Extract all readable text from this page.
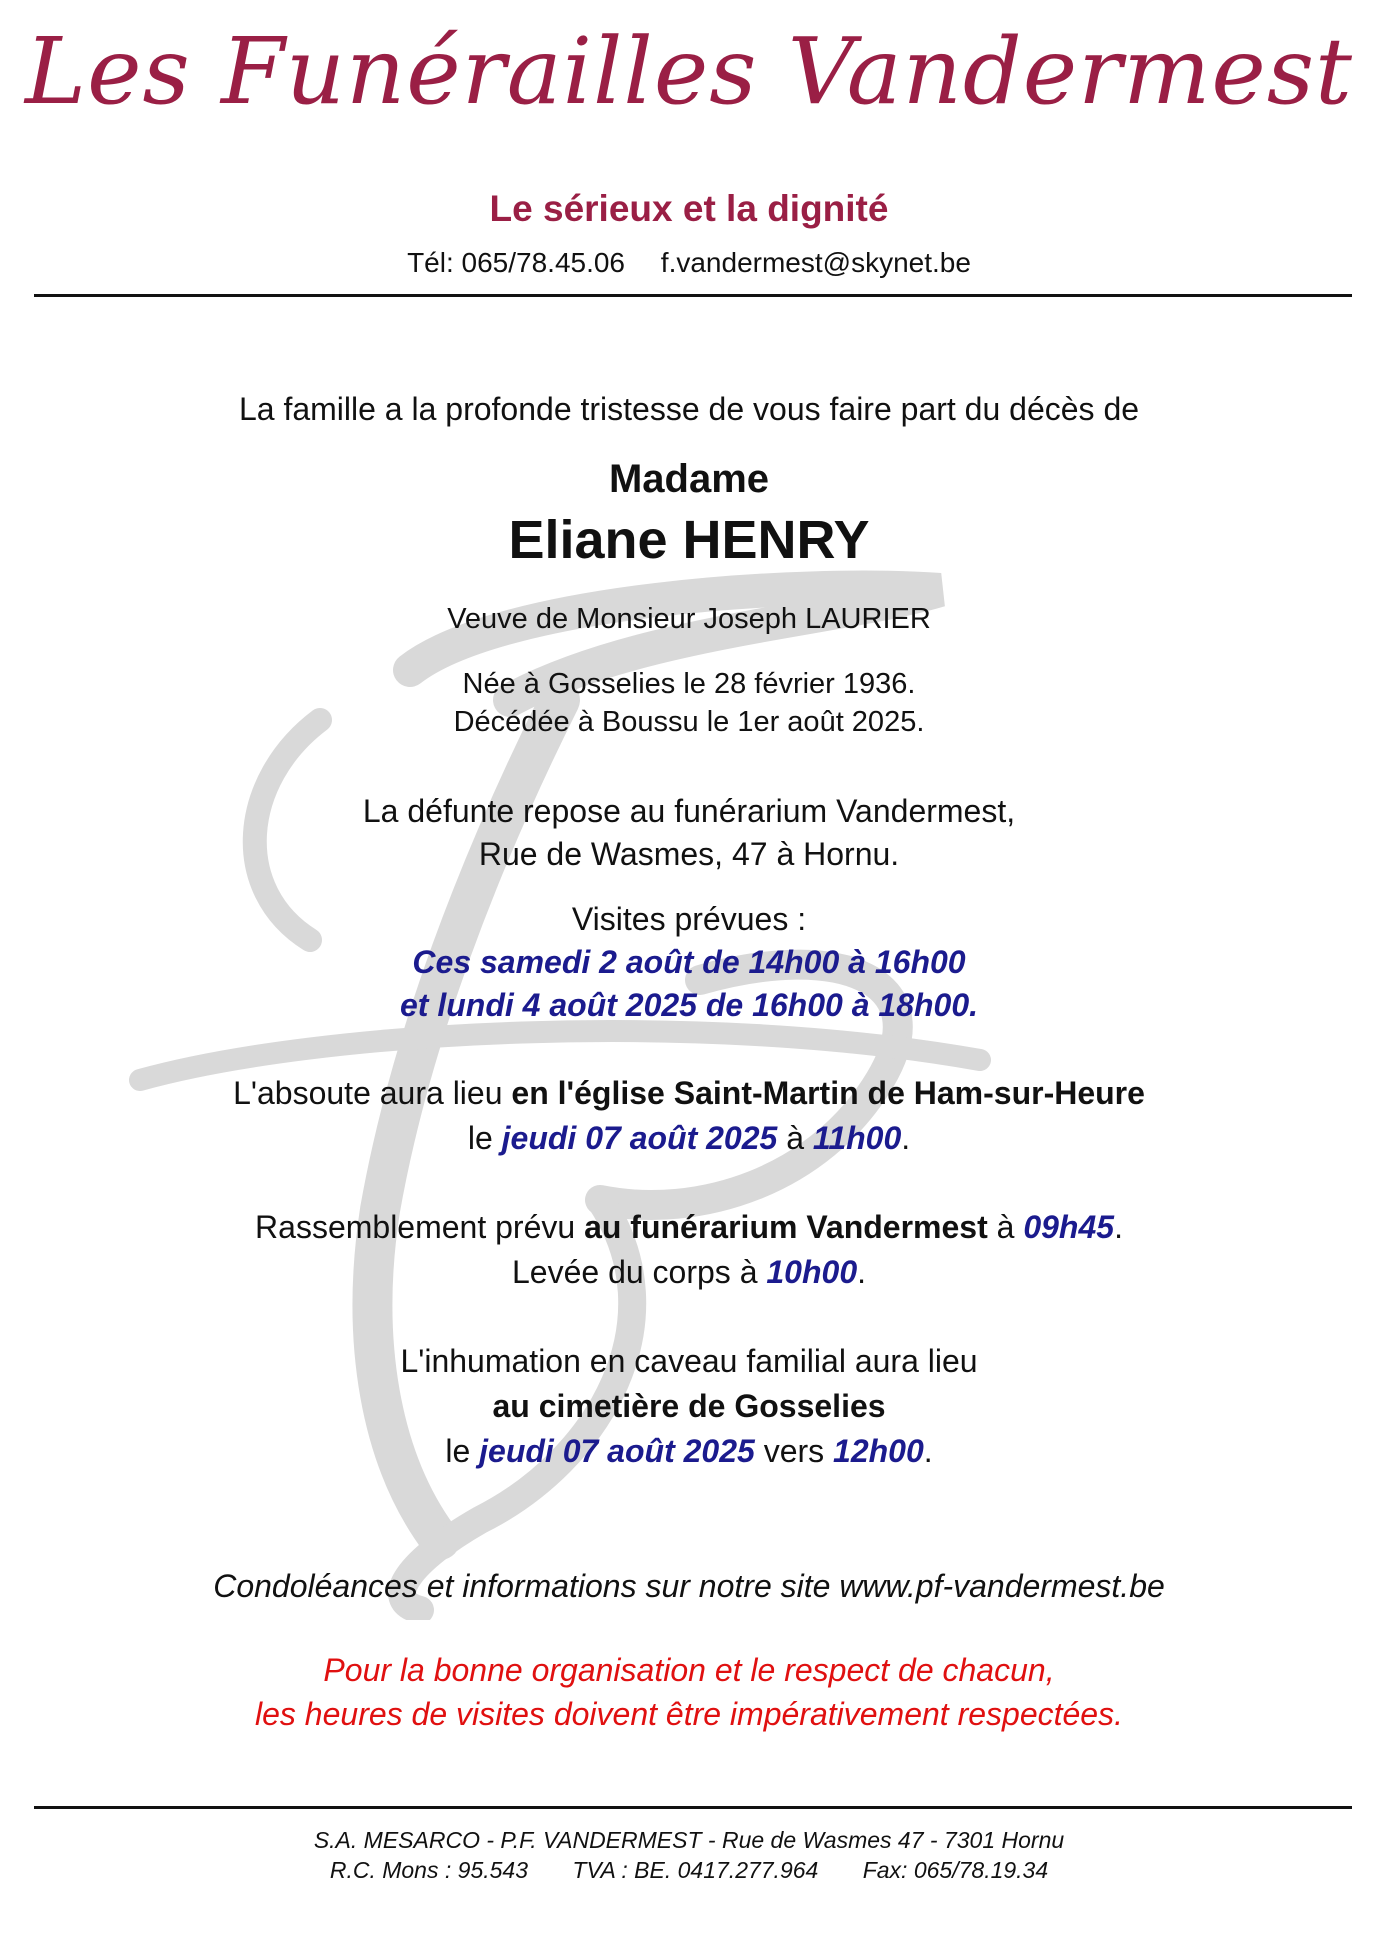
Les Funérailles Vandermest
Le sérieux et la dignité
Tél: 065/78.45.06 f.vandermest@skynet.be
La famille a la profonde tristesse de vous faire part du décès de
Madame
Eliane HENRY
Veuve de Monsieur Joseph LAURIER
Née à Gosselies le 28 février 1936.
Décédée à Boussu le 1er août 2025.
La défunte repose au funérarium Vandermest,
Rue de Wasmes, 47 à Hornu.
Visites prévues :
Ces samedi 2 août de 14h00 à 16h00
et lundi 4 août 2025 de 16h00 à 18h00.
L'absoute aura lieu en l'église Saint-Martin de Ham-sur-Heure
le jeudi 07 août 2025 à 11h00.
Rassemblement prévu au funérarium Vandermest à 09h45.
Levée du corps à 10h00.
L'inhumation en caveau familial aura lieu
au cimetière de Gosselies
le jeudi 07 août 2025 vers 12h00.
Condoléances et informations sur notre site www.pf-vandermest.be
Pour la bonne organisation et le respect de chacun,
les heures de visites doivent être impérativement respectées.
S.A. MESARCO - P.F. VANDERMEST - Rue de Wasmes 47 - 7301 Hornu
R.C. Mons : 95.543 TVA : BE. 0417.277.964 Fax: 065/78.19.34
